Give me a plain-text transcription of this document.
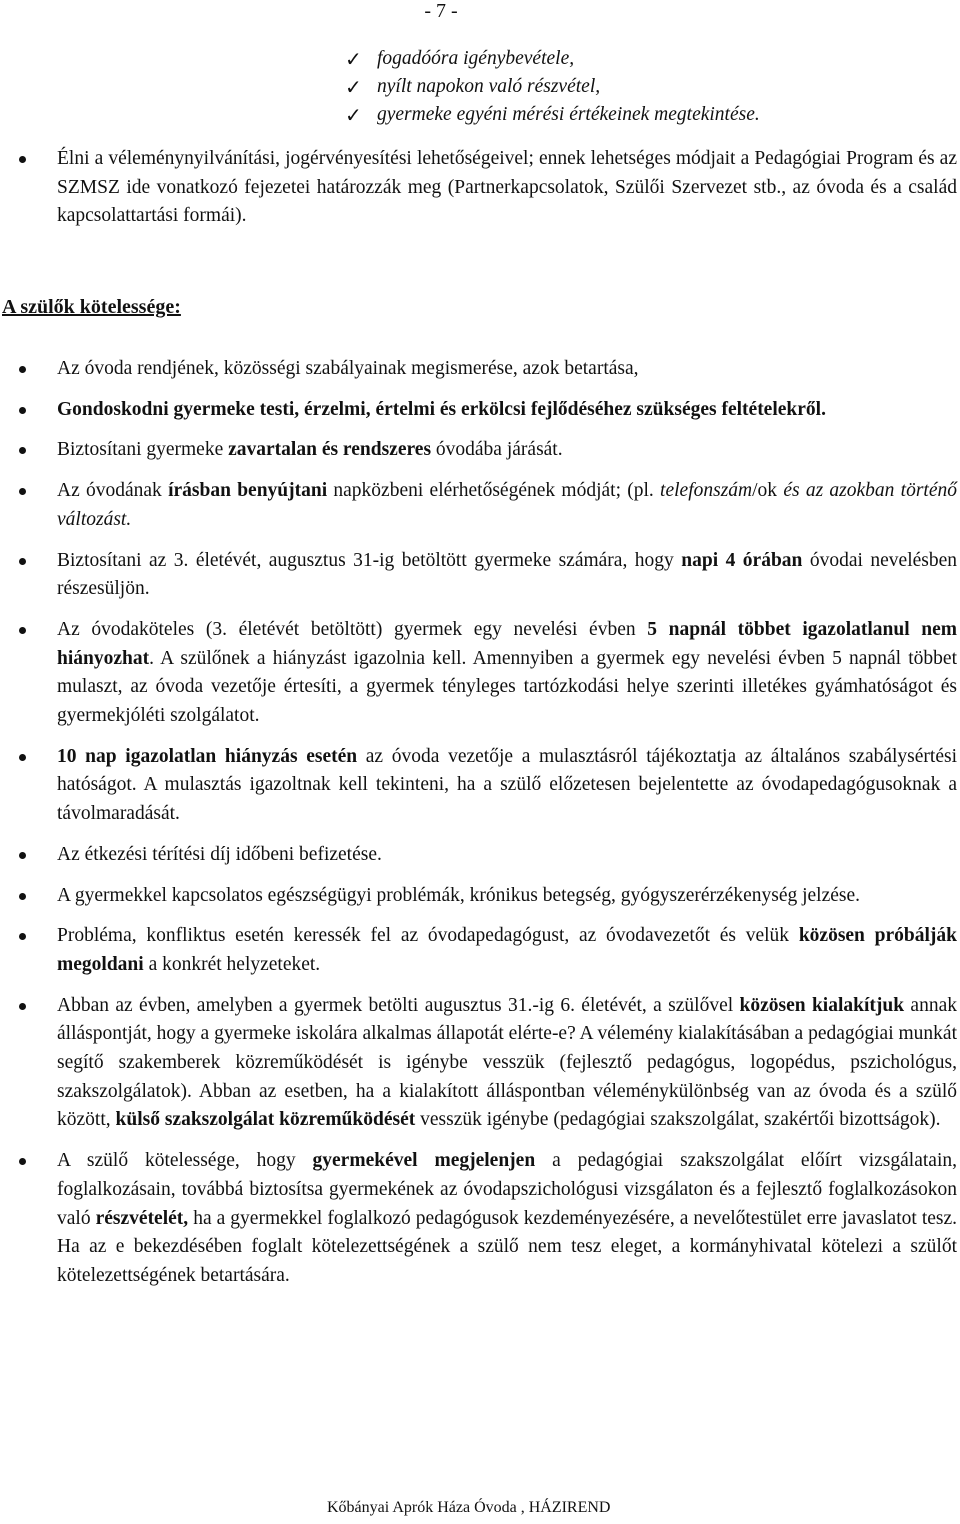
- 7 -
✓ fogadóóra igénybevétele,
✓ nyílt napokon való részvétel,
✓ gyermeke egyéni mérési értékeinek megtekintése.
Élni a véleménynyilvánítási, jogérvényesítési lehetőségeivel; ennek lehetséges módjait a Pedagógiai Program és az SZMSZ ide vonatkozó fejezetei határozzák meg (Partnerkapcsolatok, Szülői Szervezet stb., az óvoda és a család kapcsolattartási formái).
A szülők kötelessége:
Az óvoda rendjének, közösségi szabályainak megismerése, azok betartása,
Gondoskodni gyermeke testi, érzelmi, értelmi és erkölcsi fejlődéséhez szükséges feltételekről.
Biztosítani gyermeke zavartalan és rendszeres óvodába járását.
Az óvodának írásban benyújtani napközbeni elérhetőségének módját; (pl. telefonszám/ok és az azokban történő változást.
Biztosítani az 3. életévét, augusztus 31-ig betöltött gyermeke számára, hogy napi 4 órában óvodai nevelésben részesüljön.
Az óvodaköteles (3. életévét betöltött) gyermek egy nevelési évben 5 napnál többet igazolatlanul nem hiányozhat. A szülőnek a hiányzást igazolnia kell. Amennyiben a gyermek egy nevelési évben 5 napnál többet mulaszt, az óvoda vezetője értesíti, a gyermek tényleges tartózkodási helye szerinti illetékes gyámhatóságot és gyermekjóléti szolgálatot.
10 nap igazolatlan hiányzás esetén az óvoda vezetője a mulasztásról tájékoztatja az általános szabálysértési hatóságot. A mulasztás igazoltnak kell tekinteni, ha a szülő előzetesen bejelentette az óvodapedagógusoknak a távolmaradását.
Az étkezési térítési díj időbeni befizetése.
A gyermekkel kapcsolatos egészségügyi problémák, krónikus betegség, gyógyszerérzékenység jelzése.
Probléma, konfliktus esetén keressék fel az óvodapedagógust, az óvodavezetőt és velük közösen próbálják megoldani a konkrét helyzeteket.
Abban az évben, amelyben a gyermek betölti augusztus 31.-ig 6. életévét, a szülővel közösen kialakítjuk annak álláspontját, hogy a gyermeke iskolára alkalmas állapotát elérte-e? A vélemény kialakításában a pedagógiai munkát segítő szakemberek közreműködését is igénybe vesszük (fejlesztő pedagógus, logopédus, pszichológus, szakszolgálatok). Abban az esetben, ha a kialakított álláspontban véleménykülönbség van az óvoda és a szülő között, külső szakszolgálat közreműködését vesszük igénybe (pedagógiai szakszolgálat, szakértői bizottságok).
A szülő kötelessége, hogy gyermekével megjelenjen a pedagógiai szakszolgálat előírt vizsgálatain, foglalkozásain, továbbá biztosítsa gyermekének az óvodapszichológusi vizsgálaton és a fejlesztő foglalkozásokon való részvételét, ha a gyermekkel foglalkozó pedagógusok kezdeményezésére, a nevelőtestület erre javaslatot tesz. Ha az e bekezdésében foglalt kötelezettségének a szülő nem tesz eleget, a kormányhivatal kötelezi a szülőt kötelezettségének betartására.
Kőbányai Aprók Háza Óvoda , HÁZIREND
